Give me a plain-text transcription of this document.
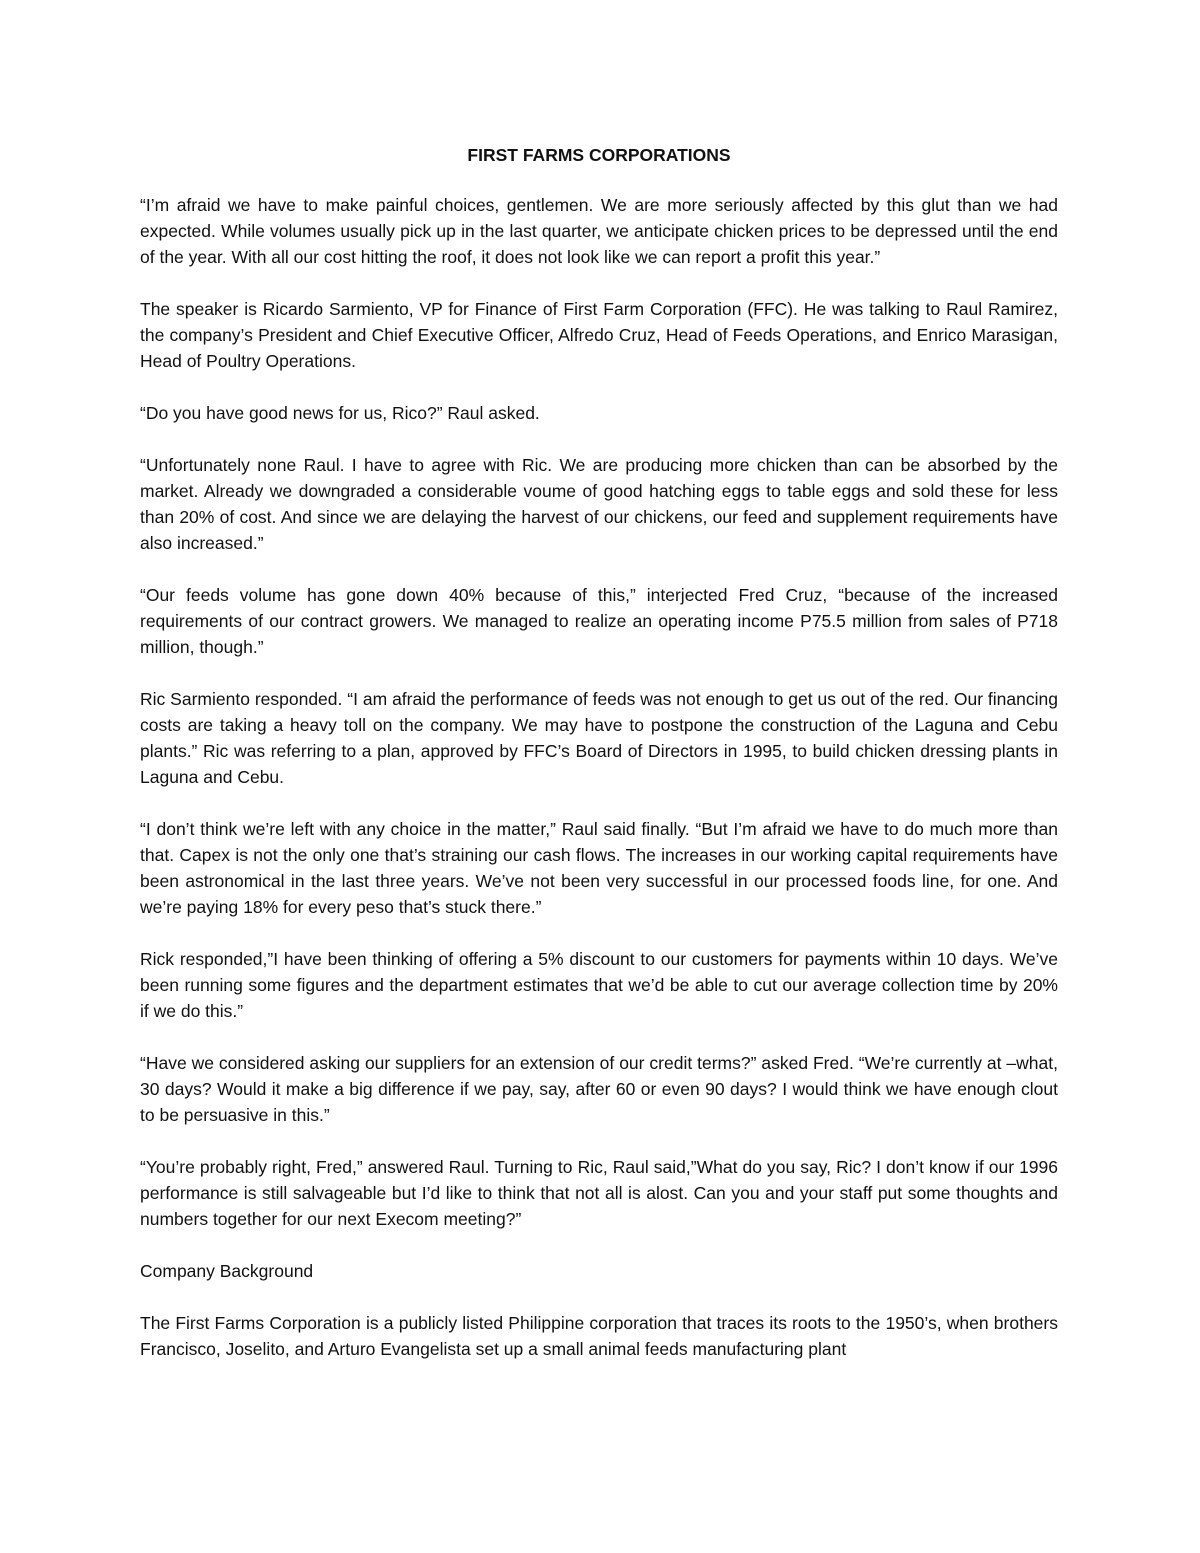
FIRST FARMS CORPORATIONS

“I’m afraid we have to make painful choices, gentlemen. We are more seriously affected by this glut than we had expected. While volumes usually pick up in the last quarter, we anticipate chicken prices to be depressed until the end of the year. With all our cost hitting the roof, it does not look like we can report a profit this year.”

The speaker is Ricardo Sarmiento, VP for Finance of First Farm Corporation (FFC). He was talking to Raul Ramirez, the company’s President and Chief Executive Officer, Alfredo Cruz, Head of Feeds Operations, and Enrico Marasigan, Head of Poultry Operations.

“Do you have good news for us, Rico?” Raul asked.

“Unfortunately none Raul. I have to agree with Ric. We are producing more chicken than can be absorbed by the market. Already we downgraded a considerable voume of good hatching eggs to table eggs and sold these for less than 20% of cost. And since we are delaying the harvest of our chickens, our feed and supplement requirements have also increased.”

“Our feeds volume has gone down 40% because of this,” interjected Fred Cruz, “because of the increased requirements of our contract growers. We managed to realize an operating income P75.5 million from sales of P718 million, though.”

Ric Sarmiento responded. “I am afraid the performance of feeds was not enough to get us out of the red. Our financing costs are taking a heavy toll on the company. We may have to postpone the construction of the Laguna and Cebu plants.” Ric was referring to a plan, approved by FFC’s Board of Directors in 1995, to build chicken dressing plants in Laguna and Cebu.

“I don’t think we’re left with any choice in the matter,” Raul said finally. “But I’m afraid we have to do much more than that. Capex is not the only one that’s straining our cash flows. The increases in our working capital requirements have been astronomical in the last three years. We’ve not been very successful in our processed foods line, for one. And we’re paying 18% for every peso that’s stuck there.”

Rick responded,”I have been thinking of offering a 5% discount to our customers for payments within 10 days. We’ve been running some figures and the department estimates that we’d be able to cut our average collection time by 20% if we do this.”

“Have we considered asking our suppliers for an extension of our credit terms?” asked Fred. “We’re currently at –what, 30 days? Would it make a big difference if we pay, say, after 60 or even 90 days? I would think we have enough clout to be persuasive in this.”

“You’re probably right, Fred,” answered Raul. Turning to Ric, Raul said,”What do you say, Ric? I don’t know if our 1996 performance is still salvageable but I’d like to think that not all is alost. Can you and your staff put some thoughts and numbers together for our next Execom meeting?”

Company Background

The First Farms Corporation is a publicly listed Philippine corporation that traces its roots to the 1950’s, when brothers Francisco, Joselito, and Arturo Evangelista set up a small animal feeds manufacturing plant
